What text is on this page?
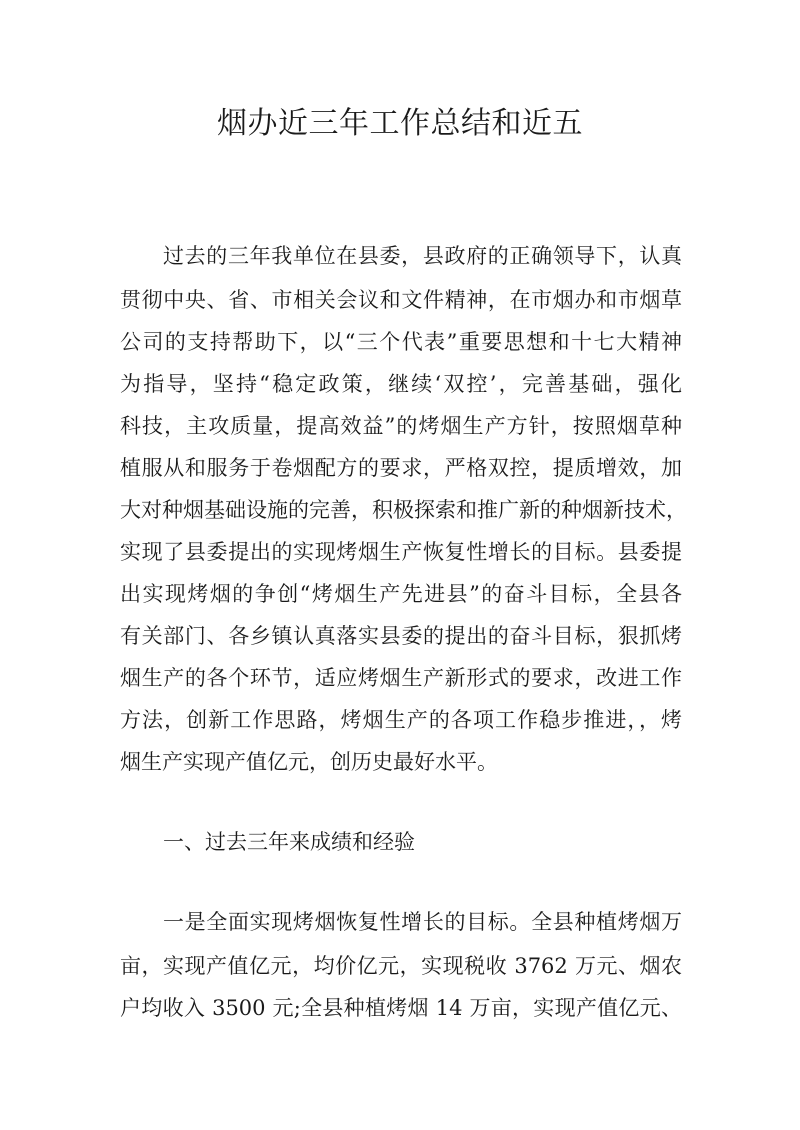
烟办近三年工作总结和近五

过去的三年我单位在县委，县政府的正确领导下，认真

贯彻中央、省、市相关会议和文件精神，在市烟办和市烟草

公司的支持帮助下，以“三个代表”重要思想和十七大精神

为指导，坚持“稳定政策，继续‘双控’，完善基础，强化

科技，主攻质量，提高效益”的烤烟生产方针，按照烟草种

植服从和服务于卷烟配方的要求，严格双控，提质增效，加

大对种烟基础设施的完善，积极探索和推广新的种烟新技术，

实现了县委提出的实现烤烟生产恢复性增长的目标。县委提

出实现烤烟的争创“烤烟生产先进县”的奋斗目标，全县各

有关部门、各乡镇认真落实县委的提出的奋斗目标，狠抓烤

烟生产的各个环节，适应烤烟生产新形式的要求，改进工作

方法，创新工作思路，烤烟生产的各项工作稳步推进，，烤

烟生产实现产值亿元，创历史最好水平。

一、过去三年来成绩和经验

一是全面实现烤烟恢复性增长的目标。全县种植烤烟万

亩，实现产值亿元，均价亿元，实现税收 3762 万元、烟农

户均收入 3500 元;全县种植烤烟 14 万亩，实现产值亿元、
